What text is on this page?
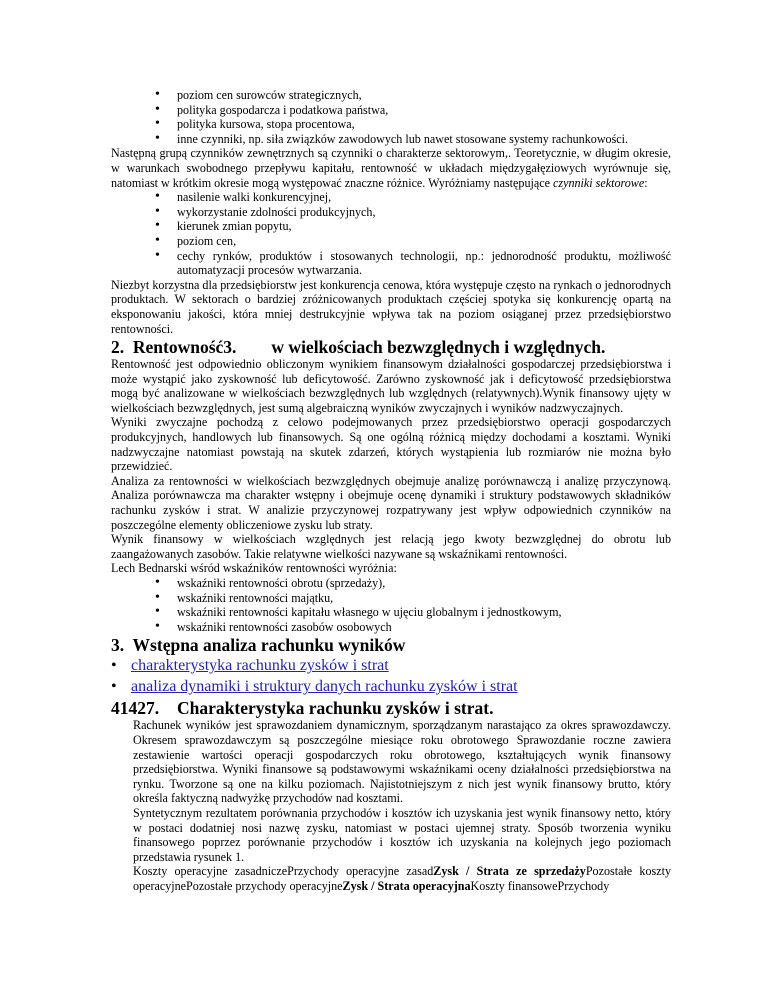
• poziom cen surowców strategicznych,
• polityka gospodarcza i podatkowa państwa,
• polityka kursowa, stopa procentowa,
• inne czynniki, np. siła związków zawodowych lub nawet stosowane systemy rachunkowości.

Następną grupą czynników zewnętrznych są czynniki o charakterze sektorowym,. Teoretycznie, w długim okresie, w warunkach swobodnego przepływu kapitału, rentowność w układach międzygałęziowych wyrównuje się, natomiast w krótkim okresie mogą występować znaczne różnice. Wyróżniamy następujące czynniki sektorowe:

• nasilenie walki konkurencyjnej,
• wykorzystanie zdolności produkcyjnych,
• kierunek zmian popytu,
• poziom cen,
• cechy rynków, produktów i stosowanych technologii, np.: jednorodność produktu, możliwość automatyzacji procesów wytwarzania.

Niezbyt korzystna dla przedsiębiorstw jest konkurencja cenowa, która występuje często na rynkach o jednorodnych produktach. W sektorach o bardziej zróżnicowanych produktach częściej spotyka się konkurencję opartą na eksponowaniu jakości, która mniej destrukcyjnie wpływa tak na poziom osiąganej przez przedsiębiorstwo rentowności.

2.  Rentowność3.        w wielkościach bezwzględnych i względnych.

Rentowność jest odpowiednio obliczonym wynikiem finansowym działalności gospodarczej przedsiębiorstwa i może wystąpić jako zyskowność lub deficytowość. Zarówno zyskowność jak i deficytowość przedsiębiorstwa mogą być analizowane w wielkościach bezwzględnych lub względnych (relatywnych).Wynik finansowy ujęty w wielkościach bezwzględnych, jest sumą algebraiczną wyników zwyczajnych i wyników nadzwyczajnych.

Wyniki zwyczajne pochodzą z celowo podejmowanych przez przedsiębiorstwo operacji gospodarczych produkcyjnych, handlowych lub finansowych. Są one ogólną różnicą między dochodami a kosztami. Wyniki nadzwyczajne natomiast powstają na skutek zdarzeń, których wystąpienia lub rozmiarów nie można było przewidzieć.

Analiza za rentowności w wielkościach bezwzględnych obejmuje analizę porównawczą i analizę przyczynową. Analiza porównawcza ma charakter wstępny i obejmuje ocenę dynamiki i struktury podstawowych składników rachunku zysków i strat. W analizie przyczynowej rozpatrywany jest wpływ odpowiednich czynników na poszczególne elementy obliczeniowe zysku lub straty.

Wynik finansowy w wielkościach względnych jest relacją jego kwoty bezwzględnej do obrotu lub zaangażowanych zasobów. Takie relatywne wielkości nazywane są wskaźnikami rentowności.

Lech Bednarski wśród wskaźników rentowności wyróżnia:

• wskaźniki rentowności obrotu (sprzedaży),
• wskaźniki rentowności majątku,
• wskaźniki rentowności kapitału własnego w ujęciu globalnym i jednostkowym,
• wskaźniki rentowności zasobów osobowych
3.  Wstępna analiza rachunku wyników
• charakterystyka rachunku zysków i strat
• analiza dynamiki i struktury danych rachunku zysków i strat
41427. Charakterystyka rachunku zysków i strat.

Rachunek wyników jest sprawozdaniem dynamicznym, sporządzanym narastająco za okres sprawozdawczy. Okresem sprawozdawczym są poszczególne miesiące roku obrotowego Sprawozdanie roczne zawiera zestawienie wartości operacji gospodarczych roku obrotowego, kształtujących wynik finansowy przedsiębiorstwa. Wyniki finansowe są podstawowymi wskaźnikami oceny działalności przedsiębiorstwa na rynku. Tworzone są one na kilku poziomach. Najistotniejszym z nich jest wynik finansowy brutto, który określa faktyczną nadwyżkę przychodów nad kosztami.

Syntetycznym rezultatem porównania przychodów i kosztów ich uzyskania jest wynik finansowy netto, który w postaci dodatniej nosi nazwę zysku, natomiast w postaci ujemnej straty. Sposób tworzenia wyniku finansowego poprzez porównanie przychodów i kosztów ich uzyskania na kolejnych jego poziomach przedstawia rysunek 1.

Koszty operacyjne zasadniczePrzychody operacyjne zasadZysk / Strata ze sprzedażyPozostałe koszty operacyjnePozostałe przychody operacyjneZysk / Strata operacyjnaKoszty finansowePrzychody
